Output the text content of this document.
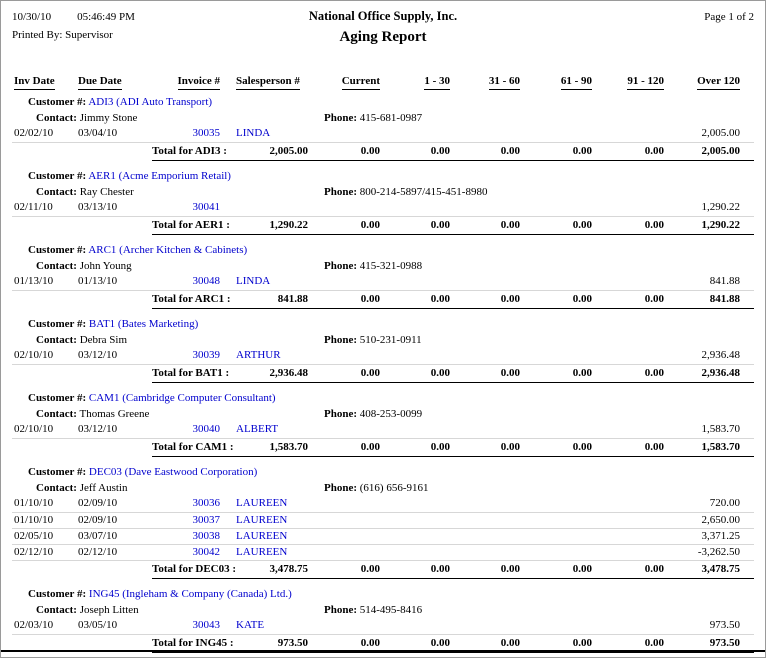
10/30/10 05:46:49 PM	National Office Supply, Inc.	Page 1 of 2
Printed By: Supervisor	Aging Report
Inv Date	Due Date	Invoice #	Salesperson #	Current	1 - 30	31 - 60	61 - 90	91 - 120	Over 120
Customer #: ADI3 (ADI Auto Transport)									
Contact: Jimmy Stone				Phone: 415-681-0987					
02/02/10	03/04/10	30035	LINDA						2,005.00

		Total for ADI3 : 2,005.00		0.00	0.00	0.00	0.00	0.00	2,005.00

Customer #: AER1 (Acme Emporium Retail)									
Contact: Ray Chester				Phone: 800-214-5897/415-451-8980					
02/11/10	03/13/10	30041							1,290.22

		Total for AER1 : 1,290.22		0.00	0.00	0.00	0.00	0.00	1,290.22

Customer #: ARC1 (Archer Kitchen & Cabinets)									
Contact: John Young				Phone: 415-321-0988					
01/13/10	01/13/10	30048	LINDA						841.88

		Total for ARC1 : 841.88		0.00	0.00	0.00	0.00	0.00	841.88

Customer #: BAT1 (Bates Marketing)									
Contact: Debra Sim				Phone: 510-231-0911					
02/10/10	03/12/10	30039	ARTHUR						2,936.48

		Total for BAT1 : 2,936.48		0.00	0.00	0.00	0.00	0.00	2,936.48

Customer #: CAM1 (Cambridge Computer Consultant)									
Contact: Thomas Greene				Phone: 408-253-0099					
02/10/10	03/12/10	30040	ALBERT						1,583.70

		Total for CAM1 : 1,583.70		0.00	0.00	0.00	0.00	0.00	1,583.70

Customer #: DEC03 (Dave Eastwood Corporation)									
Contact: Jeff Austin				Phone: (616) 656-9161					
01/10/10	02/09/10	30036	LAUREEN						720.00
01/10/10	02/09/10	30037	LAUREEN						2,650.00
02/05/10	03/07/10	30038	LAUREEN						3,371.25
02/12/10	02/12/10	30042	LAUREEN						-3,262.50

		Total for DEC03 : 3,478.75		0.00	0.00	0.00	0.00	0.00	3,478.75

Customer #: ING45 (Ingleham & Company (Canada) Ltd.)									
Contact: Joseph Litten				Phone: 514-495-8416					
02/03/10	03/05/10	30043	KATE						973.50

		Total for ING45 : 973.50		0.00	0.00	0.00	0.00	0.00	973.50
